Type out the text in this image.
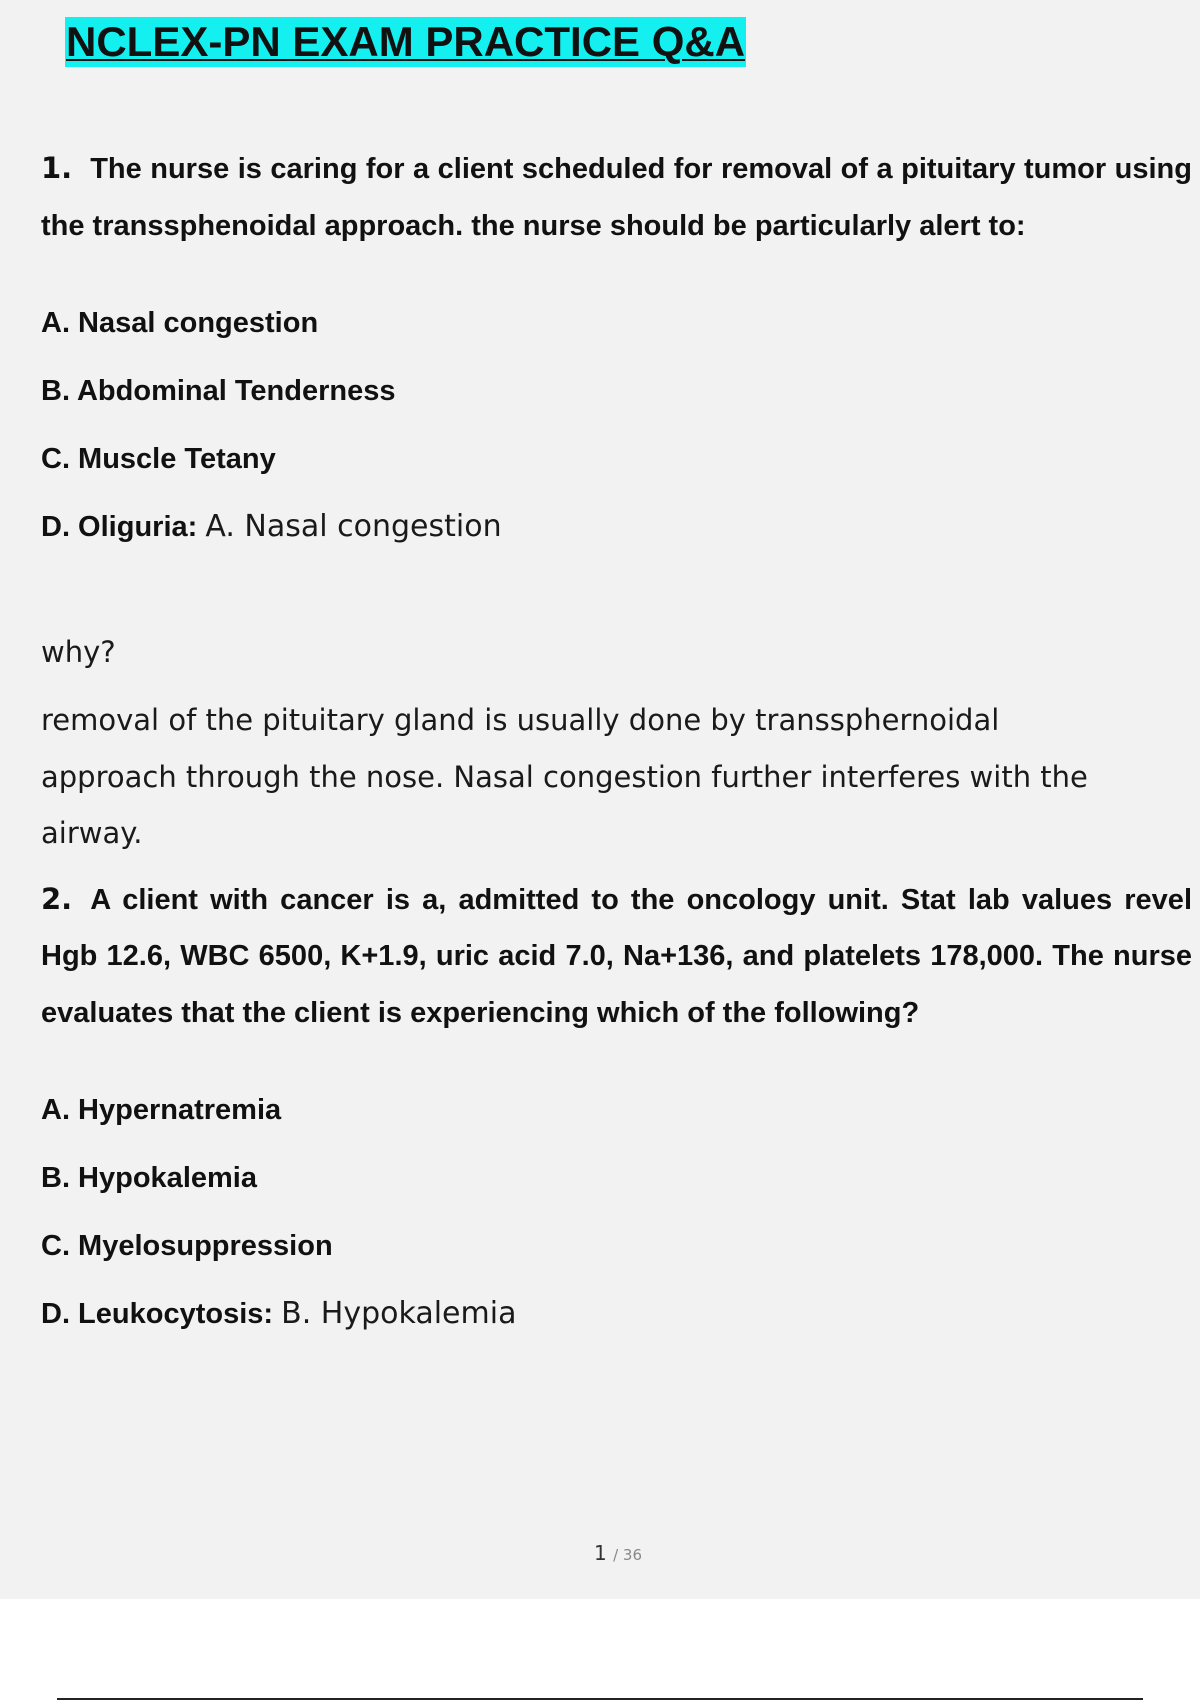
NCLEX-PN EXAM PRACTICE Q&A
1. The nurse is caring for a client scheduled for removal of a pituitary tumor using the transsphenoidal approach. the nurse should be particularly alert to:
A. Nasal congestion
B. Abdominal Tenderness
C. Muscle Tetany
D. Oliguria: A. Nasal congestion
why?
removal of the pituitary gland is usually done by transsphernoidal
approach through the nose. Nasal congestion further interferes with the
airway.
2. A client with cancer is a, admitted to the oncology unit. Stat lab values revel Hgb 12.6, WBC 6500, K+1.9, uric acid 7.0, Na+136, and platelets 178,000. The nurse evaluates that the client is experiencing which of the following?
A. Hypernatremia
B. Hypokalemia
C. Myelosuppression
D. Leukocytosis: B. Hypokalemia
1 / 36
